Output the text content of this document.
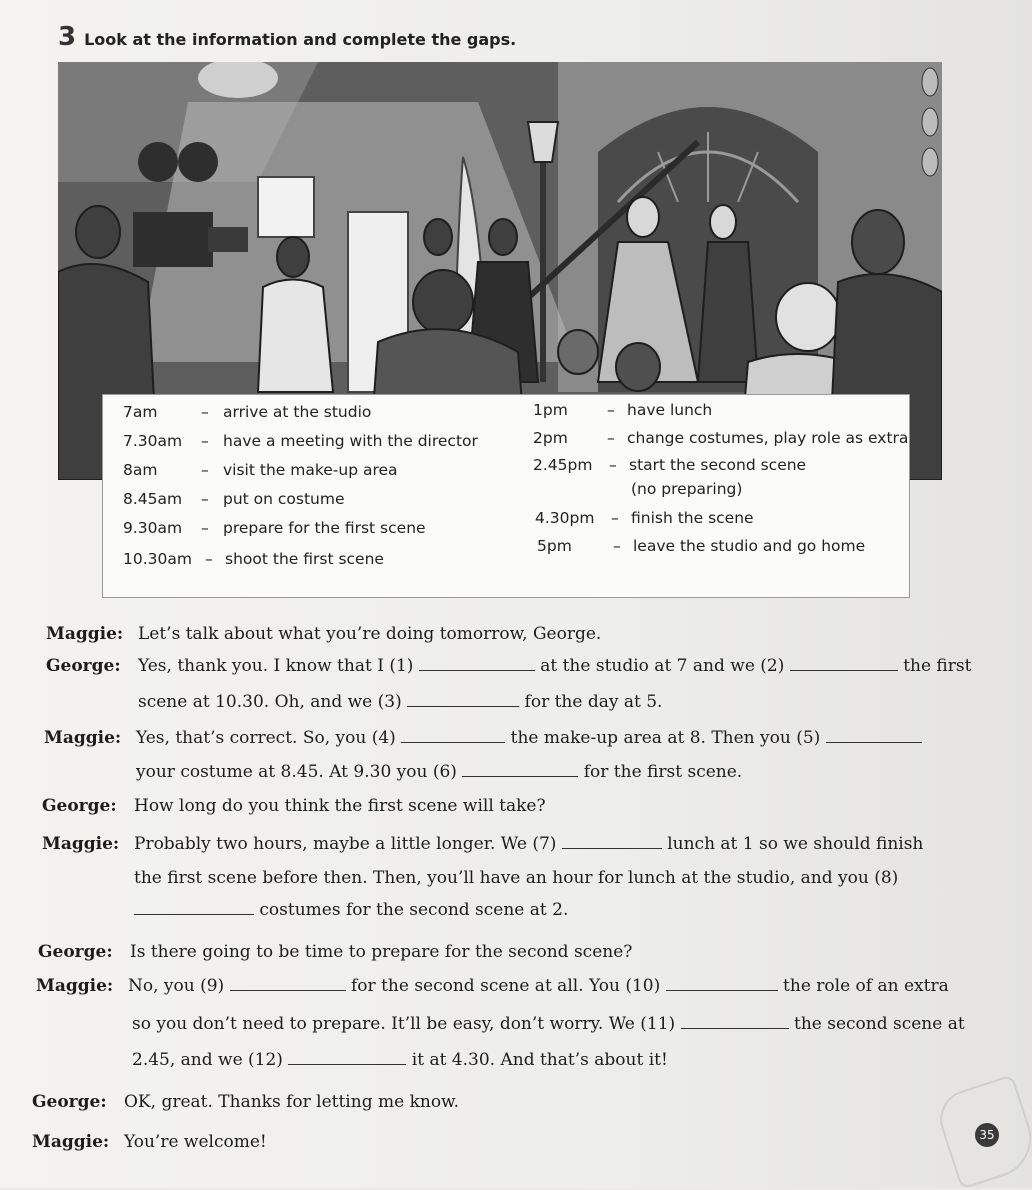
3 Look at the information and complete the gaps.
7am	– arrive at the studio
7.30am – have a meeting with the director
8am	– visit the make-up area
8.45am – put on costume
9.30am – prepare for the first scene
10.30am – shoot the first scene
1pm	– have lunch
2pm	– change costumes, play role as extra
2.45pm – start the second scene
(no preparing)
4.30pm – finish the scene
5pm	– leave the studio and go home
Maggie: Let’s talk about what you’re doing tomorrow, George.
George: Yes, thank you. I know that I (1)	at the studio at 7 and we (2)	the first
scene at 10.30. Oh, and we (3)	for the day at 5.
Maggie: Yes, that’s correct. So, you (4)	the make-up area at 8. Then you (5)
your costume at 8.45. At 9.30 you (6)	for the first scene.
George: How long do you think the first scene will take?
Maggie: Probably two hours, maybe a little longer. We (7)	lunch at 1 so we should finish
the first scene before then. Then, you’ll have an hour for lunch at the studio, and you (8)
costumes for the second scene at 2.
George: Is there going to be time to prepare for the second scene?
Maggie: No, you (9)	for the second scene at all. You (10)	the role of an extra
so you don’t need to prepare. It’ll be easy, don’t worry. We (11)	the second scene at
2.45, and we (12)	it at 4.30. And that’s about it!
George: OK, great. Thanks for letting me know.
Maggie: You’re welcome!	35
